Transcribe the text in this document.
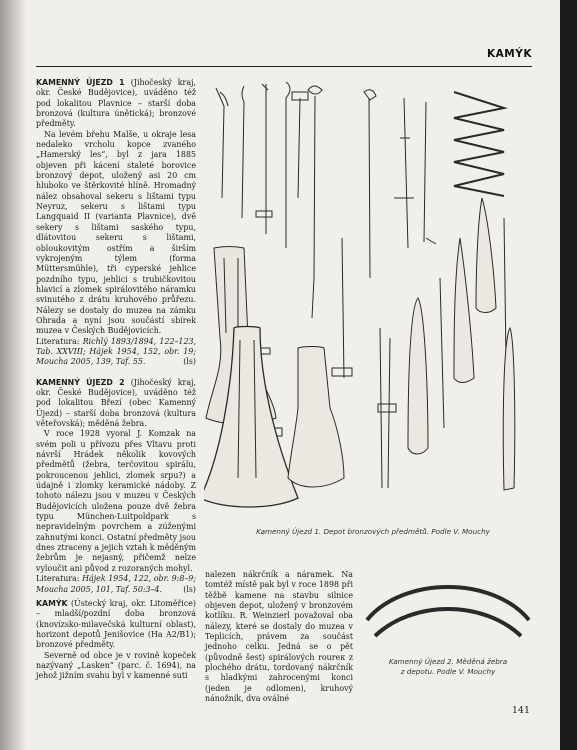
KAMÝK

KAMENNÝ ÚJEZD 1 (Jihočeský kraj, okr. České Budějovice), uváděno též pod lokalitou Plavnice – starší doba bronzová (kultura únětická); bronzové předměty.

Na levém břehu Malše, u okraje lesa nedaleko vrcholu kopce zvaného „Hamerský les“, byl z jara 1885 objeven při kácení staleté borovice bronzový depot, uložený asi 20 cm hluboko ve štěrkovité hlíně. Hromadný nález obsahoval sekeru s lištami typu Neyruz, sekeru s lištami typu Langquaid II (varianta Plavnice), dvě sekery s lištami saského typu, dlátovitou sekeru s lištami, obloukovitým ostřím a širším vykrojeným týlem (forma Müttersmühle), tři cyperské jehlice pozdního typu, jehlici s trubičkovitou hlavicí a zlomek spirálovitého náramku svinutého z drátu kruhového průřezu. Nálezy se dostaly do muzea na zámku Ohrada a nyní jsou součástí sbírek muzea v Českých Budějovicích.

Literatura: Richlý 1893/1894, 122–123, Tab. XXVIII; Hájek 1954, 152, obr. 19; Moucha 2005, 139, Taf. 55.	(ls)

KAMENNÝ ÚJEZD 2 (Jihočeský kraj, okr. České Budějovice), uváděno též pod lokalitou Březí (obec Kamenný Újezd) – starší doba bronzová (kultura věteřovská); měděná žebra.

V roce 1928 vyoral J. Komzak na svém poli u přívozu přes Vltavu proti návrší Hrádek několik kovových předmětů (žebra, terčovitou spirálu, pokroucenou jehlici, zlomek srpu?) a údajně i zlomky keramické nádoby. Z tohoto nálezu jsou v muzeu v Českých Budějovicích uložena pouze dvě žebra typu München-Luitpoldpark s nepravidelným povrchem a zúženými zahnutými konci. Ostatní předměty jsou dnes ztraceny a jejich vztah k měděným žebrům je nejasný, přičemž nelze vyloučit ani původ z rozoraných mohyl.

Literatura: Hájek 1954, 122, obr. 9:8–9; Moucha 2005, 101, Taf. 50:3–4.	(ls)

KAMÝK (Ústecký kraj, okr. Litoměřice) – mladší/pozdní doba bronzová (knovízsko-milavečská kulturní oblast), horizont depotů Jenišovice (Ha A2/B1); bronzové předměty.

Severně od obce je v rovině kopeček nazývaný „Lasken“ (parc. č. 1694), na jehož jižním svahu byl v kamenné suti

Kamenný Újezd 1. Depot bronzových předmětů. Podle V. Mouchy

nalezen nákrčník a náramek. Na tomtéž místě pak byl v roce 1898 při těžbě kamene na stavbu silnice objeven depot, uložený v bronzovém kotlíku. R. Weinzierl považoval oba nálezy, které se dostaly do muzea v Teplicích, právem za součást jednoho celku. Jedná se o pět (původně šest) spirálových roureк z plochého drátu, tordovaný nákrčník s hladkými zahrocenými konci (jeden je odlomen), kruhový nánožník, dva oválné

Kamenný Újezd 2. Měděná žebra
z depotu. Podle V. Mouchy
141
